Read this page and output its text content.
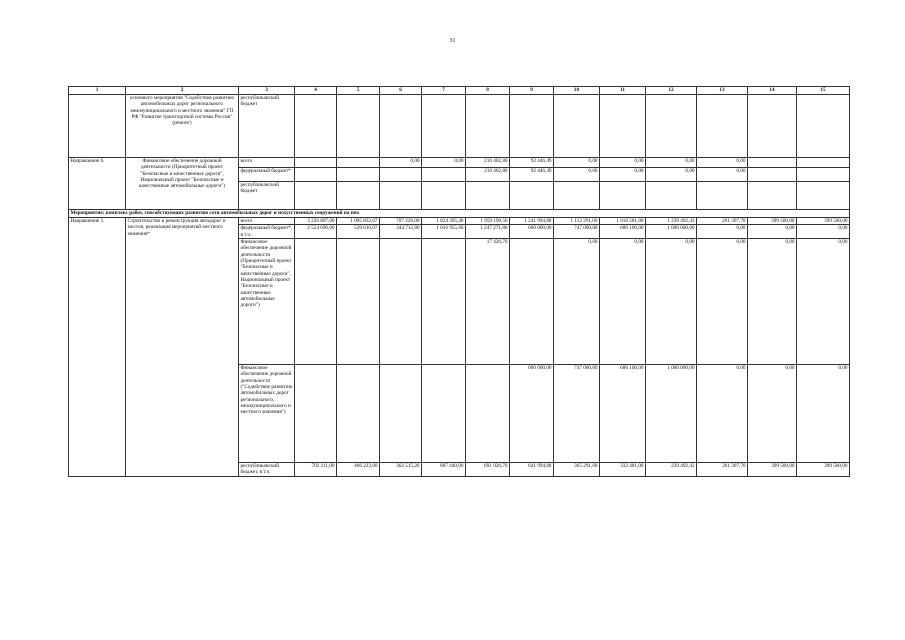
31
1	2	3	4	5	6	7	8	9	10	11	12	13	14	15
	основного мероприятия "Содействие развитию автомобильных дорог регионального межмуниципального и местного значения" ГП РФ "Развитие транспортной системы России" (ремонт)	республиканский бюджет												
Направление 6.	Финансовое обеспечение дорожной деятельности (Приоритетный проект "Безопасные и качественные дороги", Национальный проект "Безопасные и качественные автомобильные дороги")	всего			0,00	0,00	210 402,80	92 446,49	0,00	0,00	0,00	0,00		
		федеральный бюджет*					210 402,80	92 446,49	0,00	0,00	0,00	0,00		
		республиканский бюджет												
Мероприятие: комплекс работ, способствующих развитию сети автомобильных дорог и искусственных сооружений на них														
Направление 1.	Строительство и реконструкция автодорог и мостов, реализация мероприятий местного значения*	всего	3 226 807,00	1 005 833,67	707 228,00	1 824 395,40	1 959 198,56	1 241 994,88	1 112 291,00	1 018 581,00	1 239 492,43	261 307,70	399 500,00	399 500,00
		федеральный бюджет*, в т.ч.:	2 524 696,00	539 610,07	344 712,80	1 016 955,60	1 247 271,86	600 000,00	747 000,00	686 100,00	1 000 000,00	0,00	0,00	0,00
		Финансовое обеспечение дорожной деятельности (Приоритетный проект "Безопасные и качественные дороги", Национальный проект "Безопасные и качественные автомобильные дороги")					17 426,70		0,00	0,00	0,00	0,00	0,00	0,00
		Финансовое обеспечение дорожной деятельности ("Содействие развитию автомобильных дорог регионального, межмуниципального и местного значения")						600 000,00	747 000,00	686 100,00	1 000 000,00	0,00	0,00	0,00
		республиканский бюджет, в т.ч.	702 111,00	466 223,60	362 515,20	807 440,00	691 926,70	641 994,88	365 291,00	332 481,00	239 492,43	261 307,70	399 500,00	399 500,00
